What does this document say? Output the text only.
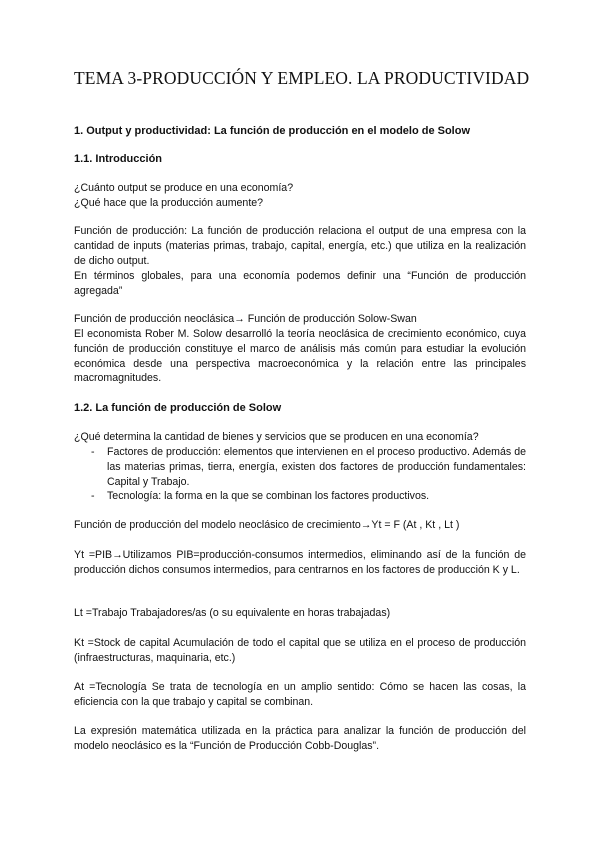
TEMA 3-PRODUCCIÓN Y EMPLEO. LA PRODUCTIVIDAD

1. Output y productividad: La función de producción en el modelo de Solow

1.1. Introducción

¿Cuánto output se produce en una economía?

¿Qué hace que la producción aumente?

Función de producción: La función de producción relaciona el output de una empresa con la cantidad de inputs (materias primas, trabajo, capital, energía, etc.) que utiliza en la realización de dicho output.

En términos globales, para una economía podemos definir una “Función de producción agregada”

Función de producción neoclásica→ Función de producción Solow-Swan

El economista Rober M. Solow desarrolló la teoría neoclásica de crecimiento económico, cuya función de producción constituye el marco de análisis más común para estudiar la evolución económica desde una perspectiva macroeconómica y la relación entre las principales macromagnitudes.

1.2. La función de producción de Solow

¿Qué determina la cantidad de bienes y servicios que se producen en una economía?

- Factores de producción: elementos que intervienen en el proceso productivo. Además de las materias primas, tierra, energía, existen dos factores de producción fundamentales: Capital y Trabajo.
- Tecnología: la forma en la que se combinan los factores productivos.

Función de producción del modelo neoclásico de crecimiento→Yt = F (At , Kt , Lt )

Yt =PIB→Utilizamos PIB=producción-consumos intermedios, eliminando así de la función de producción dichos consumos intermedios, para centrarnos en los factores de producción K y L.

Lt =Trabajo Trabajadores/as (o su equivalente en horas trabajadas)

Kt =Stock de capital Acumulación de todo el capital que se utiliza en el proceso de producción (infraestructuras, maquinaria, etc.)

At =Tecnología Se trata de tecnología en un amplio sentido: Cómo se hacen las cosas, la eficiencia con la que trabajo y capital se combinan.

La expresión matemática utilizada en la práctica para analizar la función de producción del modelo neoclásico es la “Función de Producción Cobb-Douglas”.
